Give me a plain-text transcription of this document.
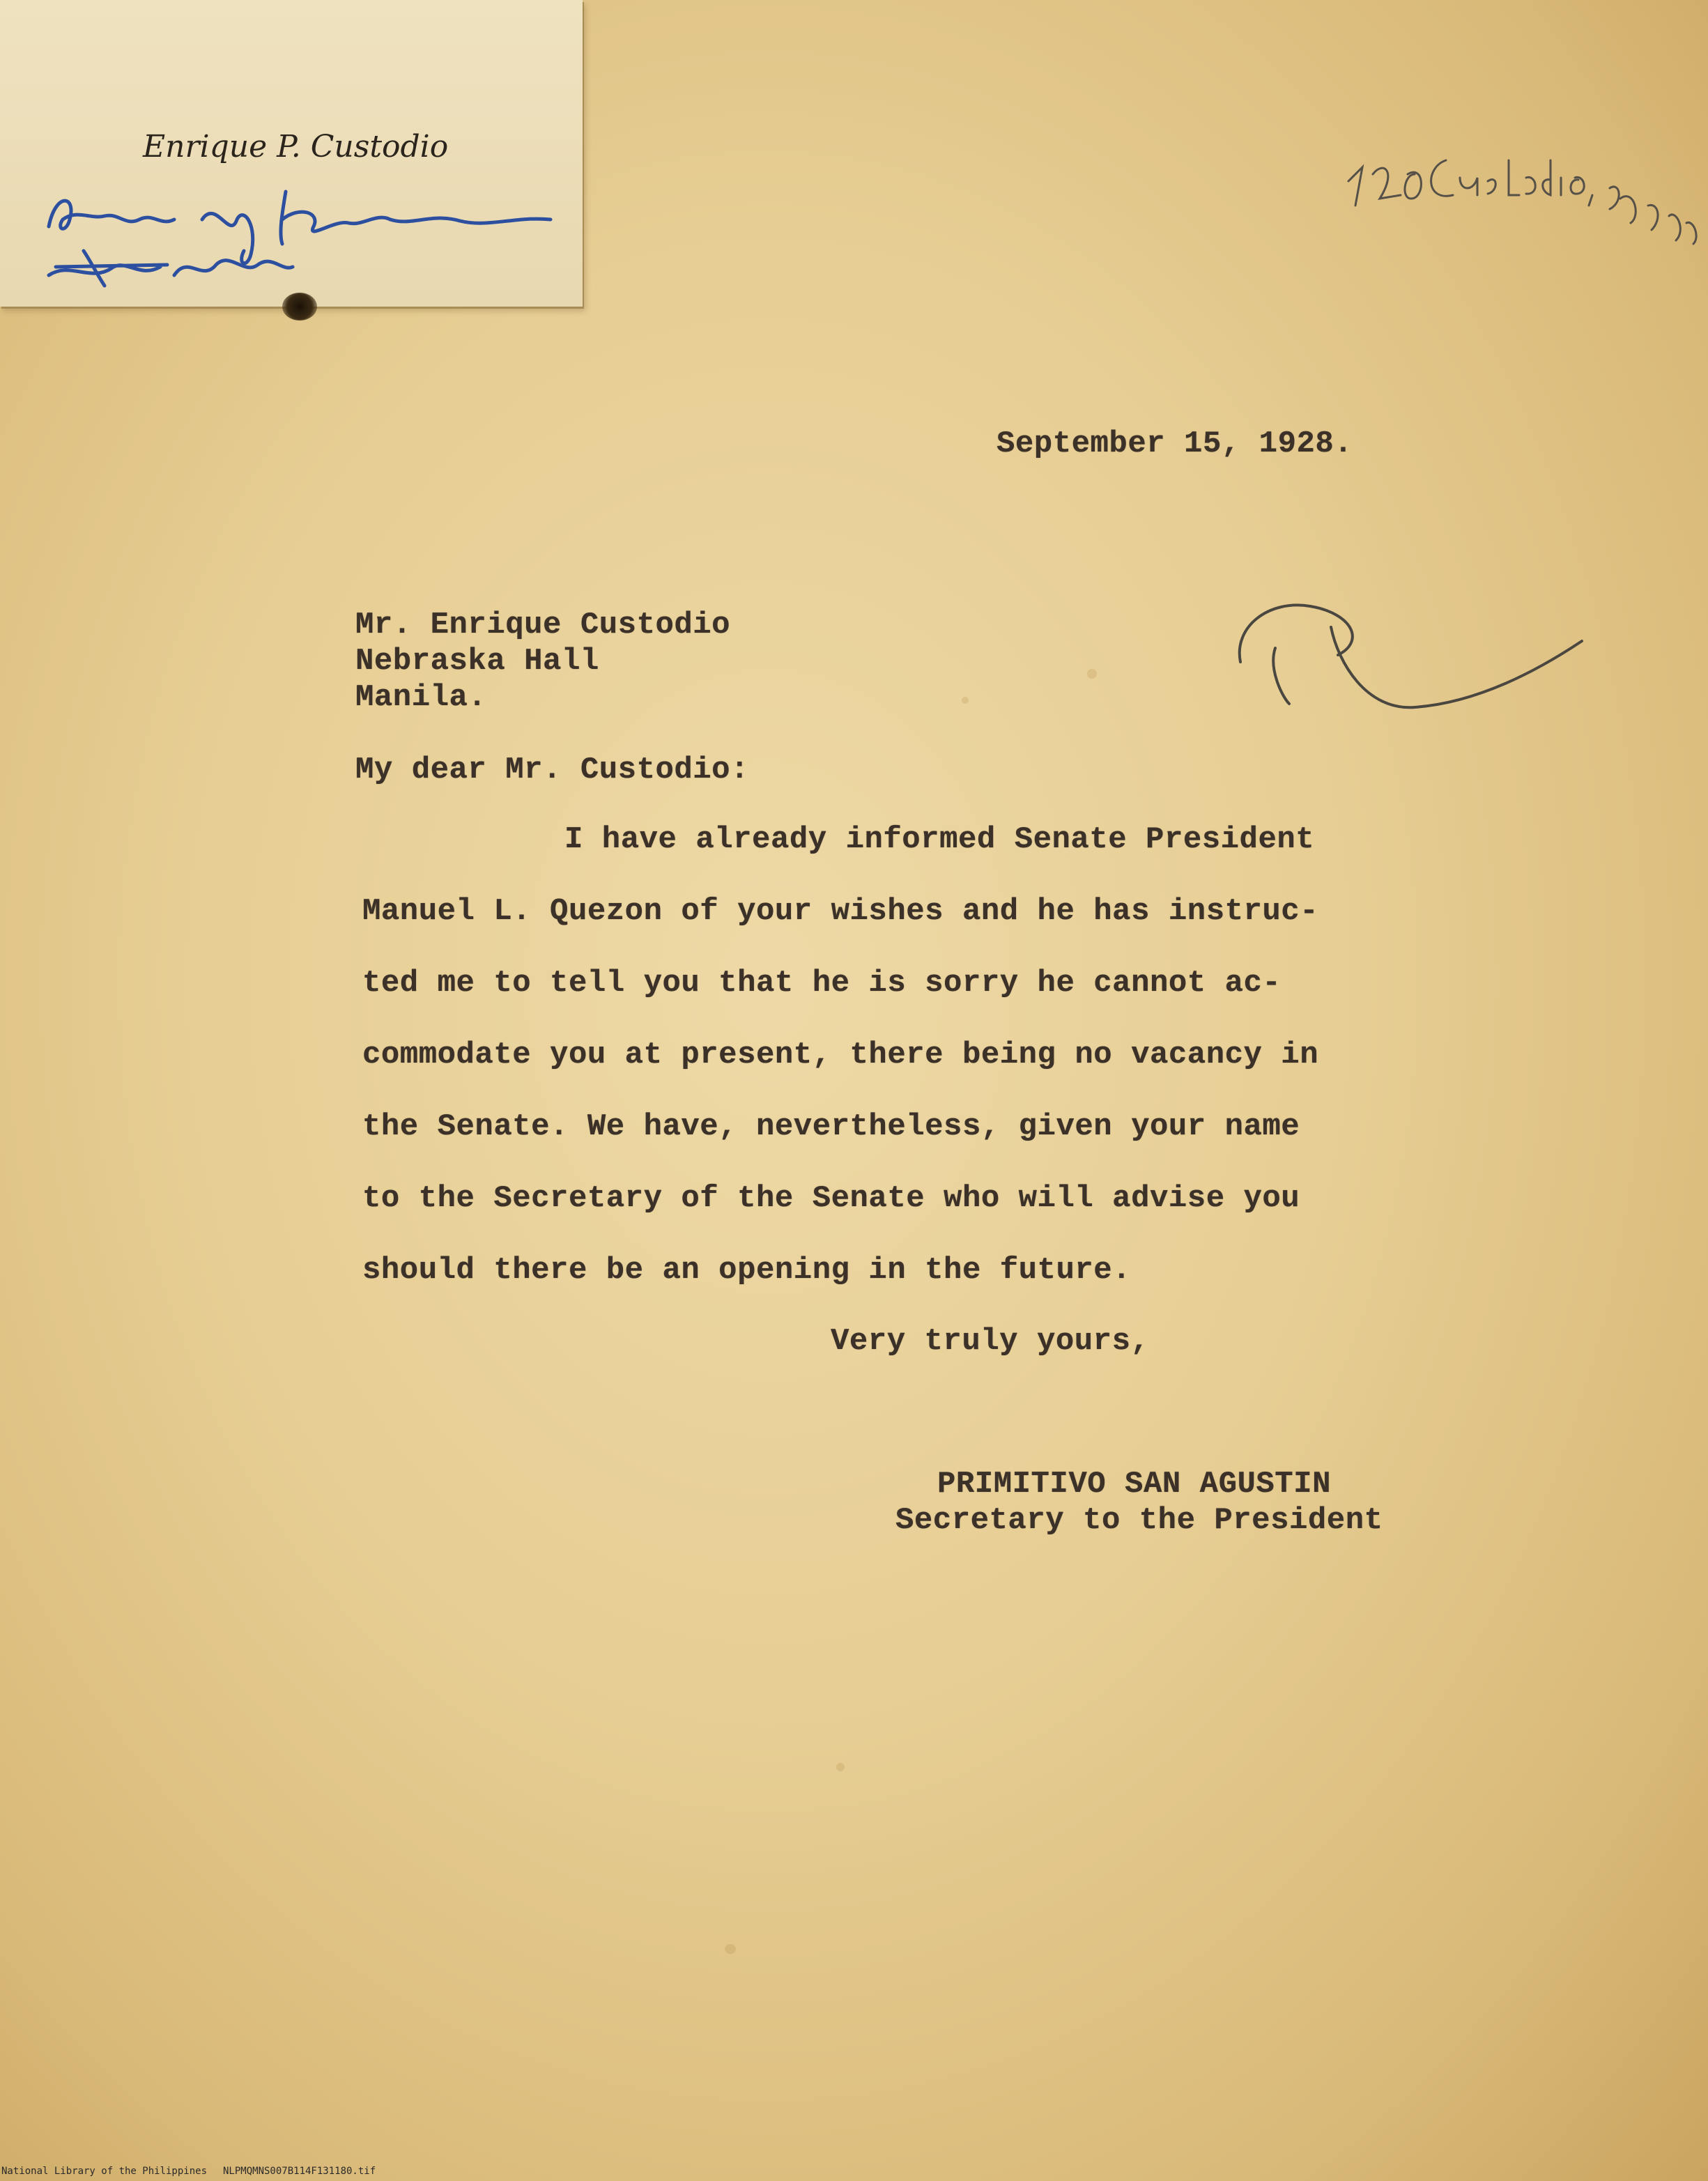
Enrique P. Custodio
September 15, 1928.
Mr. Enrique Custodio
Nebraska Hall
Manila.
My dear Mr. Custodio:
I have already informed Senate President
Manuel L. Quezon of your wishes and he has instruc-
ted me to tell you that he is sorry he cannot ac-
commodate you at present, there being no vacancy in
the Senate. We have, nevertheless, given your name
to the Secretary of the Senate who will advise you
should there be an opening in the future.
Very truly yours,
PRIMITIVO SAN AGUSTIN
Secretary to the President
National Library of the Philippines NLPMQMNS007B114F131180.tif
